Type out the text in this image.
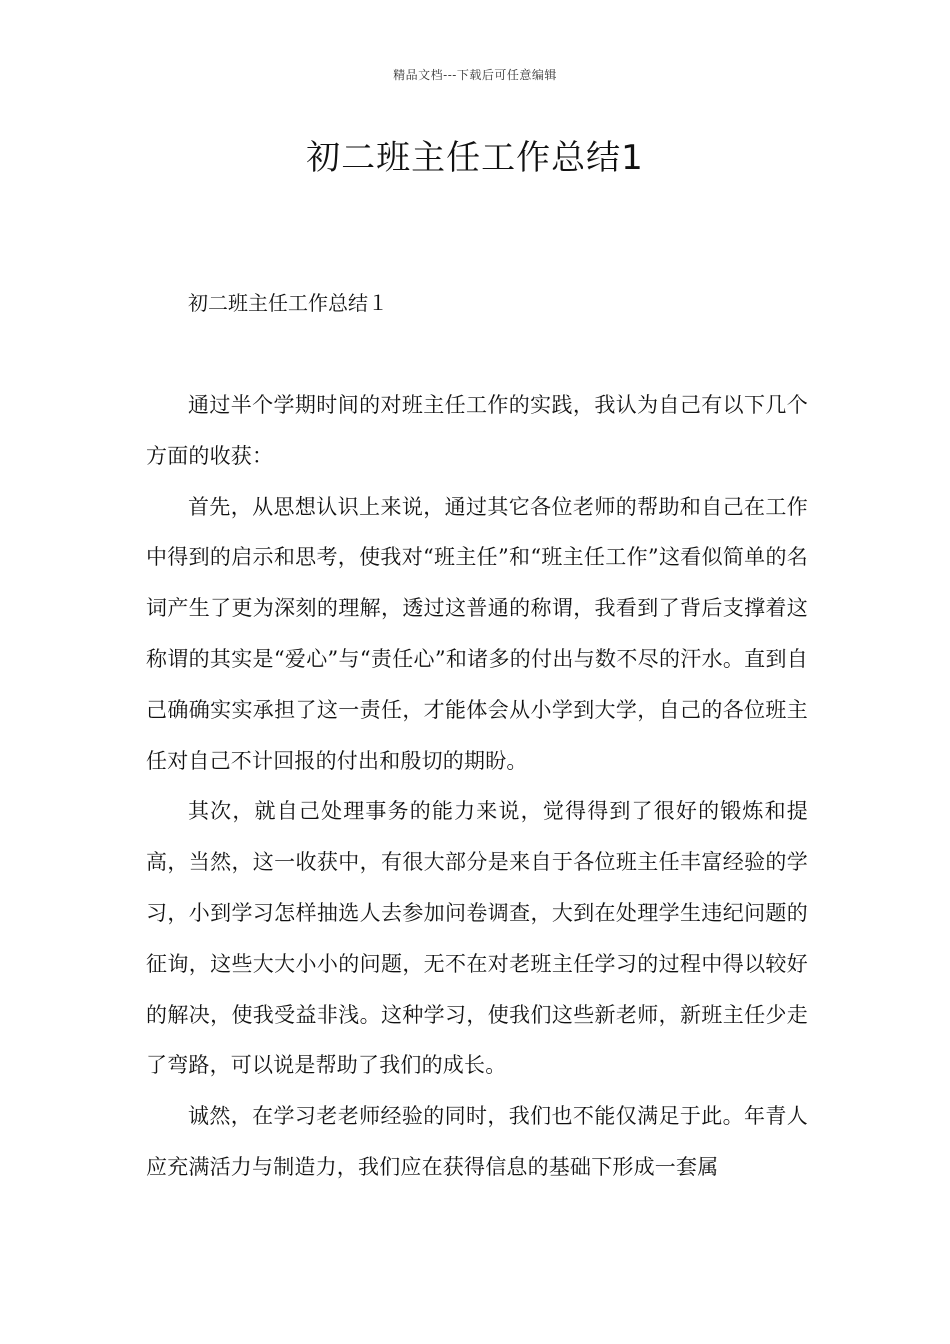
精品文档---下载后可任意编辑
初二班主任工作总结1
初二班主任工作总结１

通过半个学期时间的对班主任工作的实践，我认为自己有以下几个方面的收获：

首先，从思想认识上来说，通过其它各位老师的帮助和自己在工作中得到的启示和思考，使我对“班主任”和“班主任工作”这看似简单的名词产生了更为深刻的理解，透过这普通的称谓，我看到了背后支撑着这称谓的其实是“爱心”与“责任心”和诸多的付出与数不尽的汗水。直到自己确确实实承担了这一责任，才能体会从小学到大学，自己的各位班主任对自己不计回报的付出和殷切的期盼。

其次，就自己处理事务的能力来说，觉得得到了很好的锻炼和提高，当然，这一收获中，有很大部分是来自于各位班主任丰富经验的学习，小到学习怎样抽选人去参加问卷调查，大到在处理学生违纪问题的征询，这些大大小小的问题，无不在对老班主任学习的过程中得以较好的解决，使我受益非浅。这种学习，使我们这些新老师，新班主任少走了弯路，可以说是帮助了我们的成长。

诚然，在学习老老师经验的同时，我们也不能仅满足于此。年青人应充满活力与制造力，我们应在获得信息的基础下形成一套属
